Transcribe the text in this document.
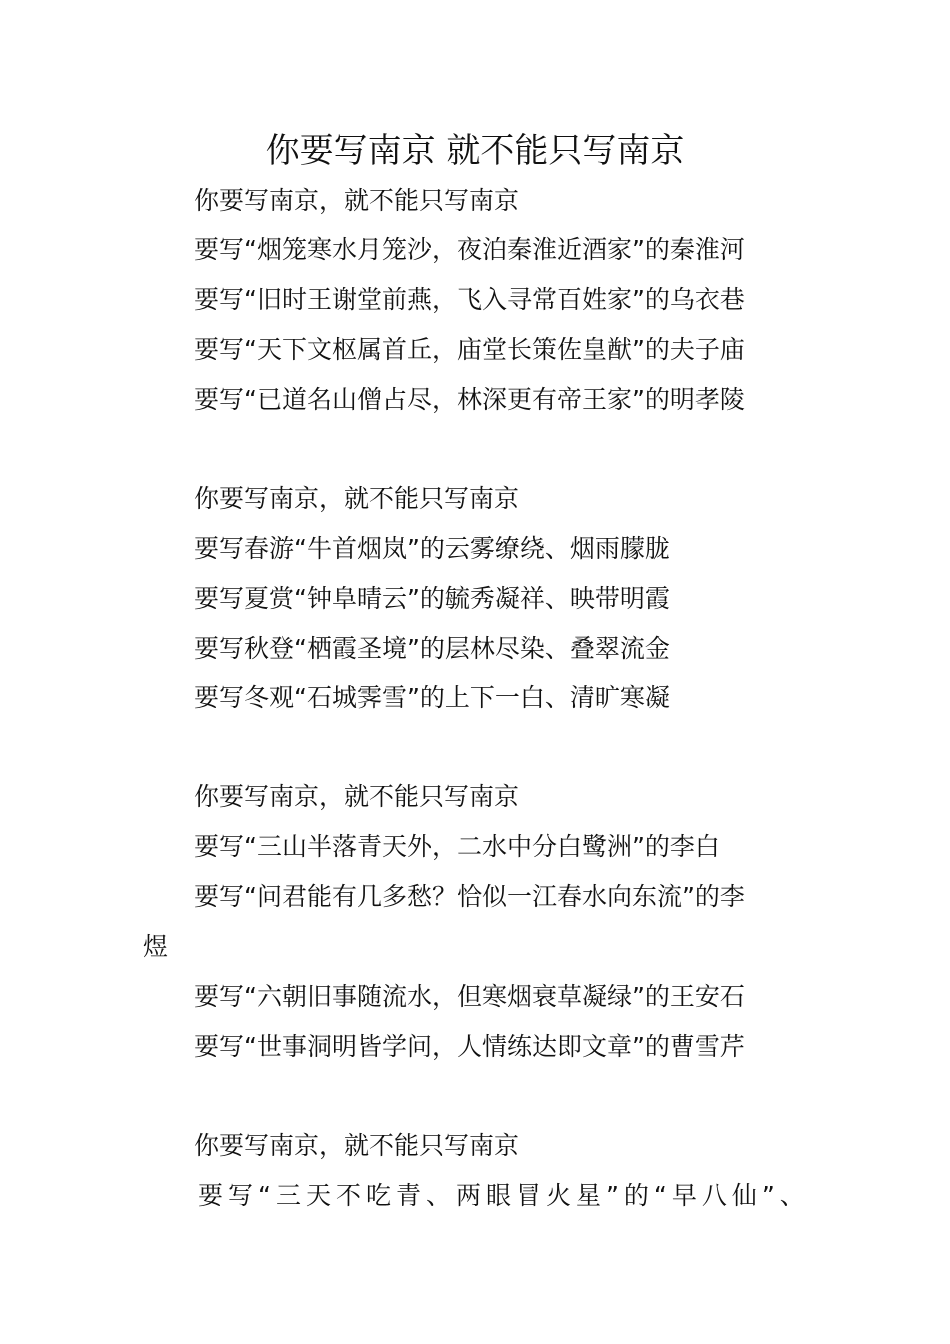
你要写南京 就不能只写南京
你要写南京，就不能只写南京
要写“烟笼寒水月笼沙，夜泊秦淮近酒家”的秦淮河
要写“旧时王谢堂前燕，飞入寻常百姓家”的乌衣巷
要写“天下文枢属首丘，庙堂长策佐皇猷”的夫子庙
要写“已道名山僧占尽，林深更有帝王家”的明孝陵
你要写南京，就不能只写南京
要写春游“牛首烟岚”的云雾缭绕、烟雨朦胧
要写夏赏“钟阜晴云”的毓秀凝祥、映带明霞
要写秋登“栖霞圣境”的层林尽染、叠翠流金
要写冬观“石城霁雪”的上下一白、清旷寒凝
你要写南京，就不能只写南京
要写“三山半落青天外，二水中分白鹭洲”的李白
要写“问君能有几多愁？恰似一江春水向东流”的李
煜
要写“六朝旧事随流水，但寒烟衰草凝绿”的王安石
要写“世事洞明皆学问，人情练达即文章”的曹雪芹
你要写南京，就不能只写南京
要写“三天不吃青、两眼冒火星”的“早八仙”、
